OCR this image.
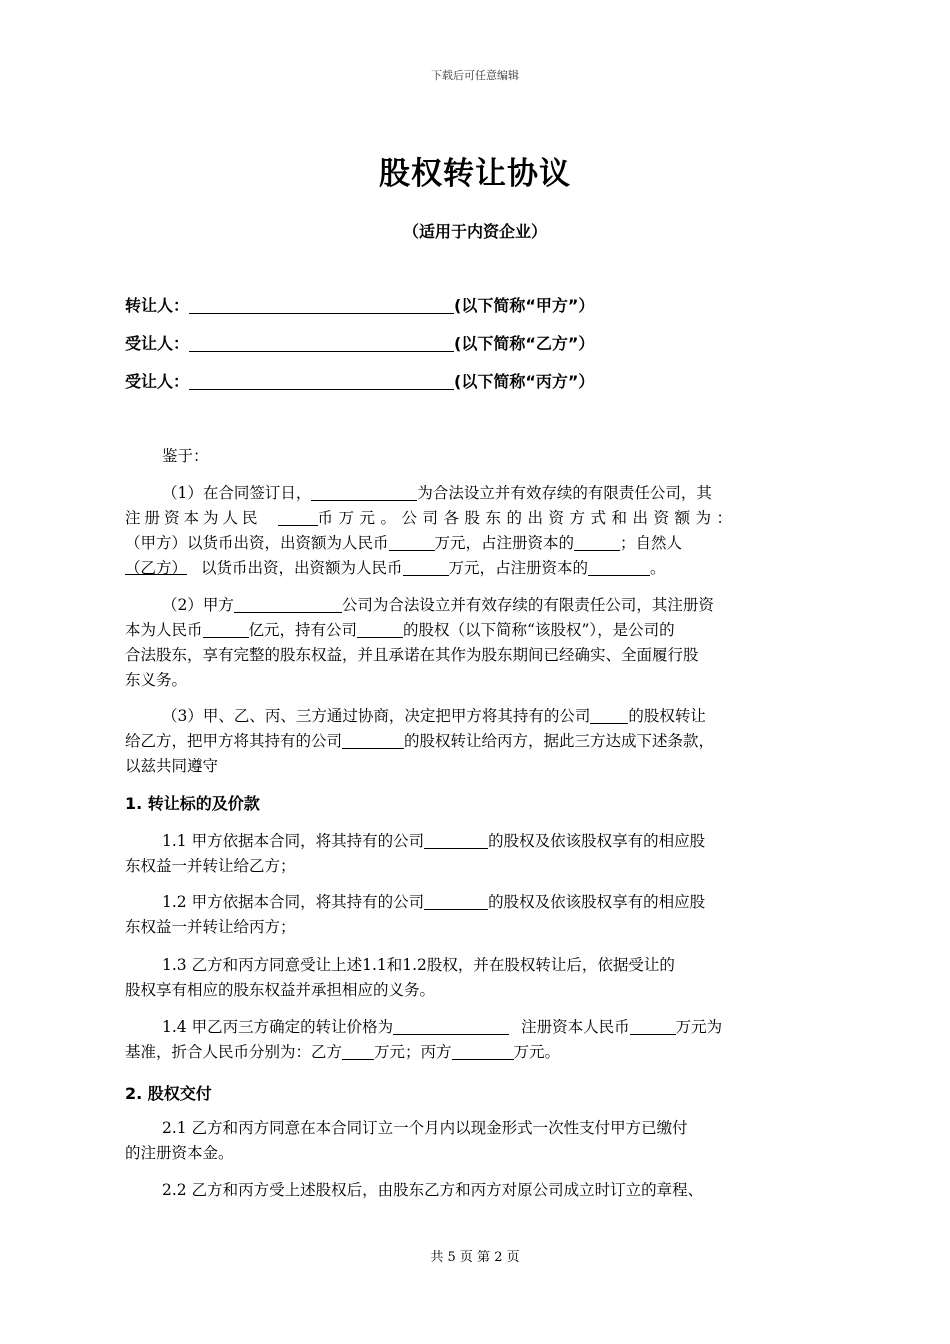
下载后可任意编辑
股权转让协议
（适用于内资企业）
转让人：	(以下简称“甲方”）
受让人：	(以下简称“乙方”）
受让人：	(以下简称“丙方”）
鉴于：
（1）在合同签订日，	为合法设立并有效存续的有限责任公司，其
注册资本为人民	币万元。公司各股东的出资方式和出资额为：
（甲方）以货币出资，出资额为人民币	万元，占注册资本的	；自然人
（乙方） 以货币出资，出资额为人民币	万元，占注册资本的	。
（2）甲方	公司为合法设立并有效存续的有限责任公司，其注册资
本为人民币	亿元，持有公司	的股权（以下简称“该股权”），是公司的
合法股东，享有完整的股东权益，并且承诺在其作为股东期间已经确实、全面履行股
东义务。
（3）甲、乙、丙、三方通过协商，决定把甲方将其持有的公司 的股权转让
给乙方，把甲方将其持有的公司	的股权转让给丙方，据此三方达成下述条款，
以兹共同遵守
1. 转让标的及价款
1.1 甲方依据本合同，将其持有的公司	的股权及依该股权享有的相应股
东权益一并转让给乙方；
1.2 甲方依据本合同，将其持有的公司	的股权及依该股权享有的相应股
东权益一并转让给丙方；
1.3 乙方和丙方同意受让上述1.1和1.2股权，并在股权转让后，依据受让的
股权享有相应的股东权益并承担相应的义务。
1.4 甲乙丙三方确定的转让价格为	注册资本人民币	万元为
基准，折合人民币分别为：乙方 万元；丙方	万元。
2. 股权交付
2.1 乙方和丙方同意在本合同订立一个月内以现金形式一次性支付甲方已缴付
的注册资本金。
2.2 乙方和丙方受上述股权后，由股东乙方和丙方对原公司成立时订立的章程、
共 5 页 第 2 页
